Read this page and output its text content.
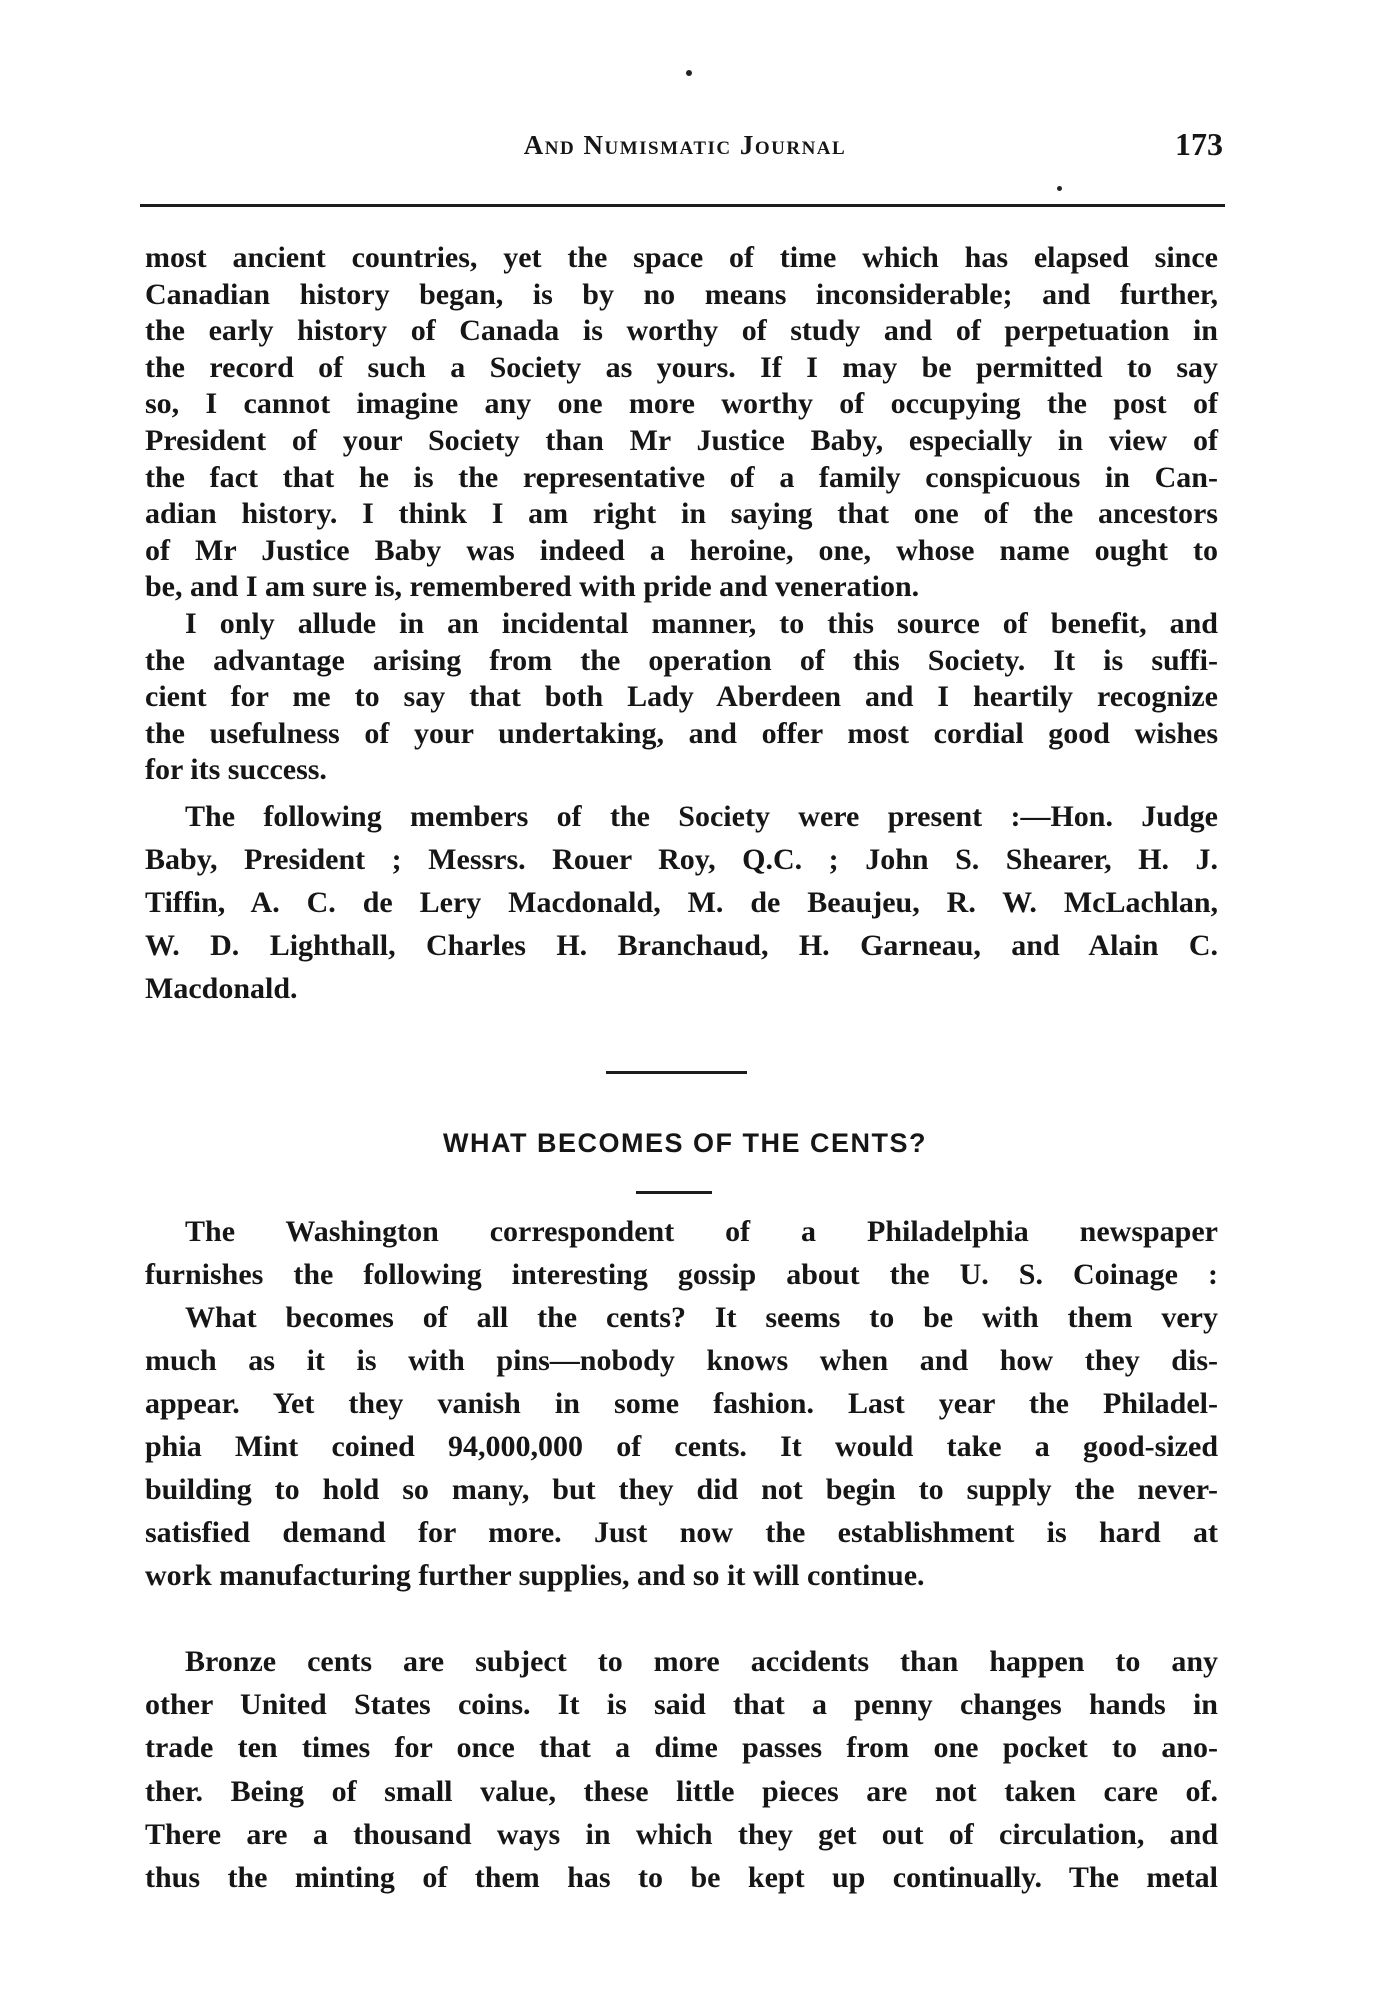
And Numismatic Journal	173
most ancient countries, yet the space of time which has elapsed since
Canadian history began, is by no means inconsiderable; and further,
the early history of Canada is worthy of study and of perpetuation in
the record of such a Society as yours. If I may be permitted to say
so, I cannot imagine any one more worthy of occupying the post of
President of your Society than Mr Justice Baby, especially in view of
the fact that he is the representative of a family conspicuous in Can-
adian history. I think I am right in saying that one of the ancestors
of Mr Justice Baby was indeed a heroine, one, whose name ought to
be, and I am sure is, remembered with pride and veneration.
I only allude in an incidental manner, to this source of benefit, and
the advantage arising from the operation of this Society. It is suffi-
cient for me to say that both Lady Aberdeen and I heartily recognize
the usefulness of your undertaking, and offer most cordial good wishes
for its success.
The following members of the Society were present :—Hon. Judge
Baby, President ; Messrs. Rouer Roy, Q.C. ; John S. Shearer, H. J.
Tiffin, A. C. de Lery Macdonald, M. de Beaujeu, R. W. McLachlan,
W. D. Lighthall, Charles H. Branchaud, H. Garneau, and Alain C.
Macdonald.
WHAT BECOMES OF THE CENTS?
The Washington correspondent of a Philadelphia newspaper
furnishes the following interesting gossip about the U. S. Coinage :
What becomes of all the cents? It seems to be with them very
much as it is with pins—nobody knows when and how they dis-
appear. Yet they vanish in some fashion. Last year the Philadel-
phia Mint coined 94,000,000 of cents. It would take a good-sized
building to hold so many, but they did not begin to supply the never-
satisfied demand for more. Just now the establishment is hard at
work manufacturing further supplies, and so it will continue.
Bronze cents are subject to more accidents than happen to any
other United States coins. It is said that a penny changes hands in
trade ten times for once that a dime passes from one pocket to ano-
ther. Being of small value, these little pieces are not taken care of.
There are a thousand ways in which they get out of circulation, and
thus the minting of them has to be kept up continually. The metal
